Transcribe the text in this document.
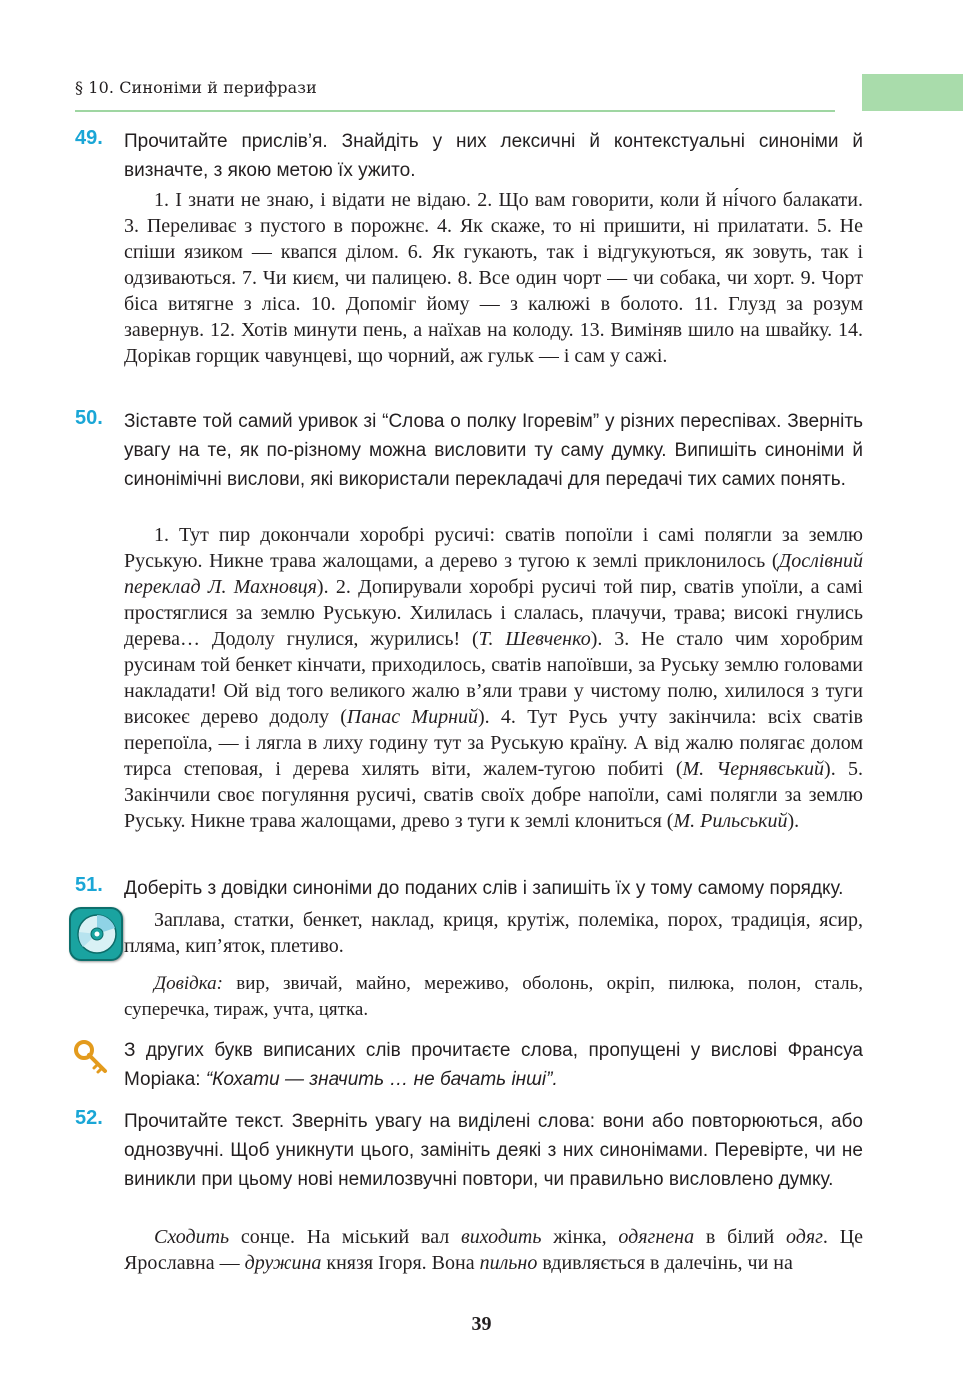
§ 10. Синоніми й перифрази
49. Прочитайте прислів’я. Знайдіть у них лексичні й контекстуальні синоніми й визначте, з якою метою їх ужито.

1. І знати не знаю, і відати не відаю. 2. Що вам говорити, коли й ні́чого балакати. 3. Переливає з пустого в порожнє. 4. Як скаже, то ні пришити, ні прилатати. 5. Не спіши язиком — квапся ділом. 6. Як гукають, так і відгукуються, як зовуть, так і одзиваються. 7. Чи києм, чи палицею. 8. Все один чорт — чи собака, чи хорт. 9. Чорт біса витягне з ліса. 10. Допоміг йому — з калюжі в болото. 11. Глузд за розум завернув. 12. Хотів минути пень, а наїхав на колоду. 13. Виміняв шило на швайку. 14. Дорікав горщик чавунцеві, що чорний, аж гульк — і сам у сажі.

50. Зіставте той самий уривок зі “Слова о полку Ігоревім” у різних переспівах. Зверніть увагу на те, як по-різному можна висловити ту саму думку. Випишіть синоніми й синонімічні вислови, які використали перекладачі для передачі тих самих понять.

1. Тут пир докончали хоробрі русичі: сватів попоїли і самі полягли за землю Руськую. Никне трава жалощами, а дерево з тугою к землі приклонилось (Дослівний переклад Л. Махновця). 2. Допирували хоробрі русичі той пир, сватів упоїли, а самі простяглися за землю Руськую. Хилилась і слалась, плачучи, трава; високі гнулись дерева… Додолу гнулися, журились! (Т. Шевченко). 3. Не стало чим хоробрим русинам той бенкет кінчати, приходилось, сватів напоївши, за Руську землю головами накладати! Ой від того великого жалю в’яли трави у чистому полю, хилилося з туги високеє дерево додолу (Панас Мирний). 4. Тут Русь учту закінчила: всіх сватів перепоїла, — і лягла в лиху годину тут за Руськую країну. А від жалю полягає долом тирса степовая, і дерева хилять віти, жалем-тугою побиті (М. Чернявський). 5. Закінчили своє погуляння русичі, сватів своїх добре напоїли, самі полягли за землю Руську. Никне трава жалощами, древо з туги к землі клониться (М. Рильський).

51. Доберіть з довідки синоніми до поданих слів і запишіть їх у тому самому порядку.

Заплава, статки, бенкет, наклад, криця, крутіж, полеміка, порох, традиція, ясир, пляма, кип’яток, плетиво.

Довідка: вир, звичай, майно, мереживо, оболонь, окріп, пилюка, полон, сталь, суперечка, тираж, учта, цятка.

З других букв виписаних слів прочитаєте слова, пропущені у вислові Франсуа Моріака: “Кохати — значить … не бачать інші”.
52. Прочитайте текст. Зверніть увагу на виділені слова: вони або повторюються, або однозвучні. Щоб уникнути цього, замініть деякі з них синонімами. Перевірте, чи не виникли при цьому нові немилозвучні повтори, чи правильно висловлено думку.

Сходить сонце. На міський вал виходить жінка, одягнена в білий одяг. Це Ярославна — дружина князя Ігоря. Вона пильно вдивляється в далечінь, чи на

39
